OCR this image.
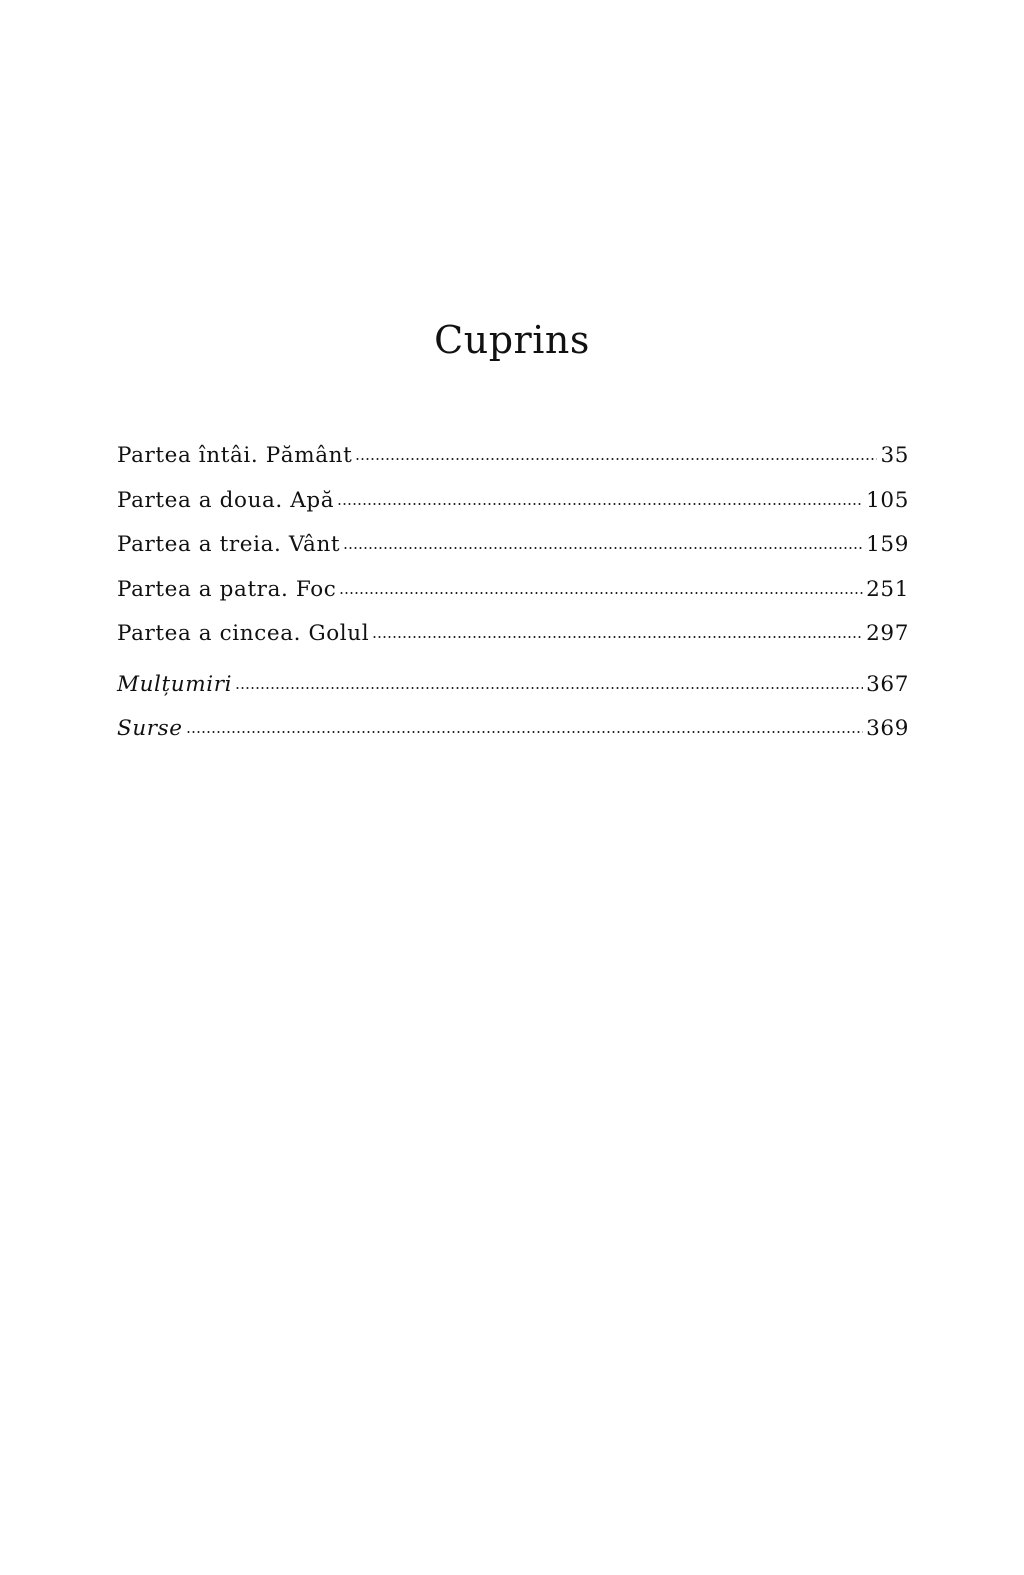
Cuprins
Partea întâi. Pământ	35
Partea a doua. Apă	105
Partea a treia. Vânt	159
Partea a patra. Foc	251
Partea a cincea. Golul	297
Mulțumiri	367
Surse	369
